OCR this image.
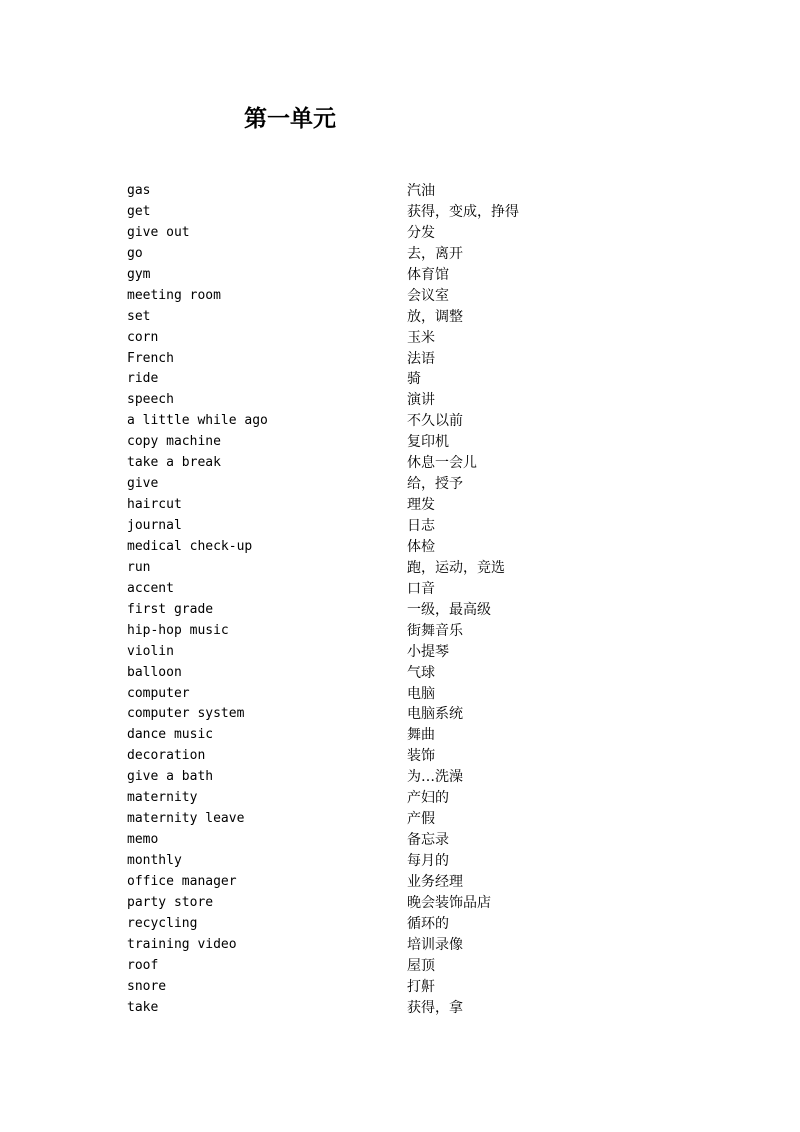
第一单元
gas	汽油
get	获得，变成，挣得
give out	分发
go	去，离开
gym	体育馆
meeting room	会议室
set	放，调整
corn	玉米
French	法语
ride	骑
speech	演讲
a little while ago	不久以前
copy machine	复印机
take a break	休息一会儿
give	给，授予
haircut	理发
journal	日志
medical check-up	体检
run	跑，运动，竞选
accent	口音
first grade	一级，最高级
hip-hop music	街舞音乐
violin	小提琴
balloon	气球
computer	电脑
computer system	电脑系统
dance music	舞曲
decoration	装饰
give a bath	为…洗澡
maternity	产妇的
maternity leave	产假
memo	备忘录
monthly	每月的
office manager	业务经理
party store	晚会装饰品店
recycling	循环的
training video	培训录像
roof	屋顶
snore	打鼾
take	获得，拿
